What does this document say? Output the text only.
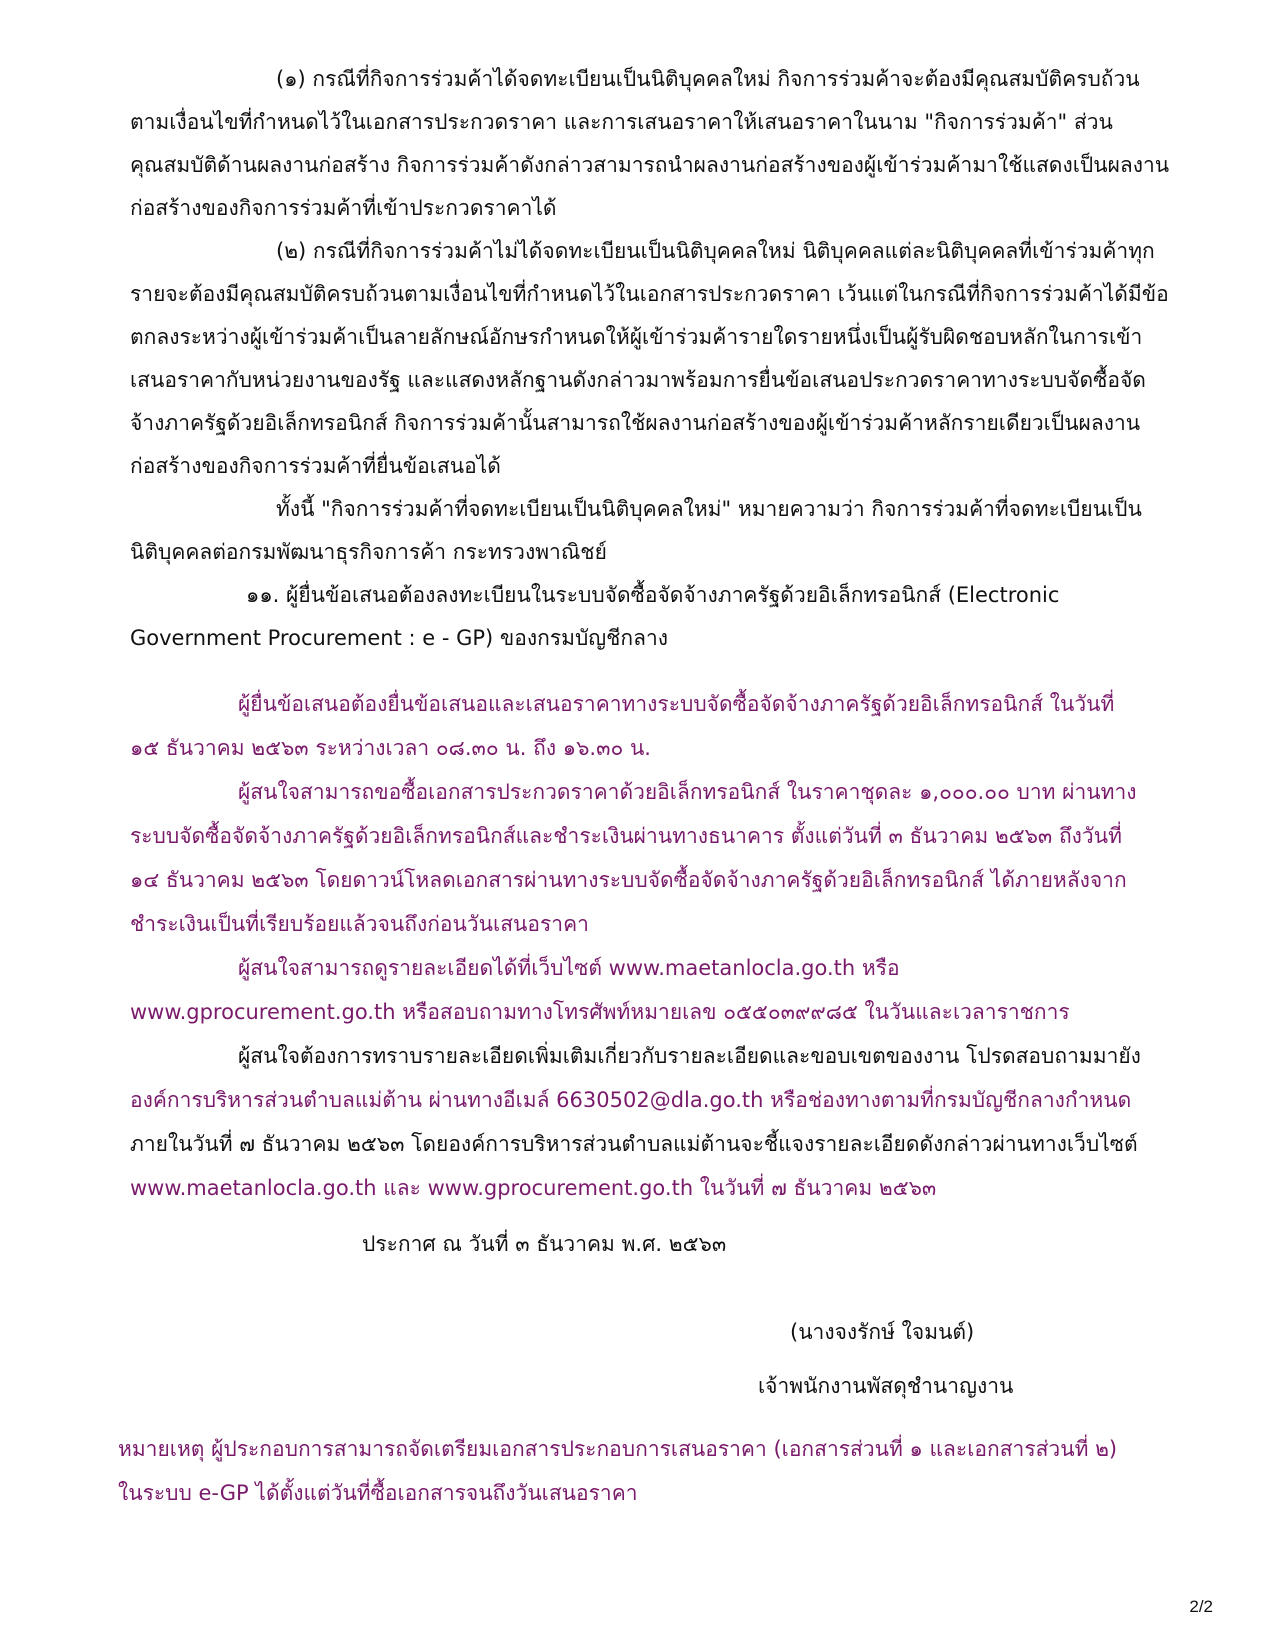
(๑) กรณีที่กิจการร่วมค้าได้จดทะเบียนเป็นนิติบุคคลใหม่ กิจการร่วมค้าจะต้องมีคุณสมบัติครบถ้วน
ตามเงื่อนไขที่กำหนดไว้ในเอกสารประกวดราคา และการเสนอราคาให้เสนอราคาในนาม "กิจการร่วมค้า" ส่วน
คุณสมบัติด้านผลงานก่อสร้าง กิจการร่วมค้าดังกล่าวสามารถนำผลงานก่อสร้างของผู้เข้าร่วมค้ามาใช้แสดงเป็นผลงาน
ก่อสร้างของกิจการร่วมค้าที่เข้าประกวดราคาได้
(๒) กรณีที่กิจการร่วมค้าไม่ได้จดทะเบียนเป็นนิติบุคคลใหม่ นิติบุคคลแต่ละนิติบุคคลที่เข้าร่วมค้าทุก
รายจะต้องมีคุณสมบัติครบถ้วนตามเงื่อนไขที่กำหนดไว้ในเอกสารประกวดราคา เว้นแต่ในกรณีที่กิจการร่วมค้าได้มีข้อ
ตกลงระหว่างผู้เข้าร่วมค้าเป็นลายลักษณ์อักษรกำหนดให้ผู้เข้าร่วมค้ารายใดรายหนึ่งเป็นผู้รับผิดชอบหลักในการเข้า
เสนอราคากับหน่วยงานของรัฐ และแสดงหลักฐานดังกล่าวมาพร้อมการยื่นข้อเสนอประกวดราคาทางระบบจัดซื้อจัด
จ้างภาครัฐด้วยอิเล็กทรอนิกส์ กิจการร่วมค้านั้นสามารถใช้ผลงานก่อสร้างของผู้เข้าร่วมค้าหลักรายเดียวเป็นผลงาน
ก่อสร้างของกิจการร่วมค้าที่ยื่นข้อเสนอได้
ทั้งนี้ "กิจการร่วมค้าที่จดทะเบียนเป็นนิติบุคคลใหม่" หมายความว่า กิจการร่วมค้าที่จดทะเบียนเป็น
นิติบุคคลต่อกรมพัฒนาธุรกิจการค้า กระทรวงพาณิชย์
๑๑. ผู้ยื่นข้อเสนอต้องลงทะเบียนในระบบจัดซื้อจัดจ้างภาครัฐด้วยอิเล็กทรอนิกส์ (Electronic
Government Procurement : e - GP) ของกรมบัญชีกลาง
ผู้ยื่นข้อเสนอต้องยื่นข้อเสนอและเสนอราคาทางระบบจัดซื้อจัดจ้างภาครัฐด้วยอิเล็กทรอนิกส์ ในวันที่
๑๕ ธันวาคม ๒๕๖๓ ระหว่างเวลา ๐๘.๓๐ น. ถึง ๑๖.๓๐ น.
ผู้สนใจสามารถขอซื้อเอกสารประกวดราคาด้วยอิเล็กทรอนิกส์ ในราคาชุดละ ๑,๐๐๐.๐๐ บาท ผ่านทาง
ระบบจัดซื้อจัดจ้างภาครัฐด้วยอิเล็กทรอนิกส์และชำระเงินผ่านทางธนาคาร ตั้งแต่วันที่ ๓ ธันวาคม ๒๕๖๓ ถึงวันที่
๑๔ ธันวาคม ๒๕๖๓ โดยดาวน์โหลดเอกสารผ่านทางระบบจัดซื้อจัดจ้างภาครัฐด้วยอิเล็กทรอนิกส์ ได้ภายหลังจาก
ชำระเงินเป็นที่เรียบร้อยแล้วจนถึงก่อนวันเสนอราคา
ผู้สนใจสามารถดูรายละเอียดได้ที่เว็บไซต์ www.maetanlocla.go.th หรือ
www.gprocurement.go.th หรือสอบถามทางโทรศัพท์หมายเลข ๐๕๕๐๓๙๙๘๕ ในวันและเวลาราชการ
ผู้สนใจต้องการทราบรายละเอียดเพิ่มเติมเกี่ยวกับรายละเอียดและขอบเขตของงาน โปรดสอบถามมายัง
องค์การบริหารส่วนตำบลแม่ต้าน ผ่านทางอีเมล์ 6630502@dla.go.th หรือช่องทางตามที่กรมบัญชีกลางกำหนด
ภายในวันที่ ๗ ธันวาคม ๒๕๖๓ โดยองค์การบริหารส่วนตำบลแม่ต้านจะชี้แจงรายละเอียดดังกล่าวผ่านทางเว็บไซต์
www.maetanlocla.go.th และ www.gprocurement.go.th ในวันที่ ๗ ธันวาคม ๒๕๖๓
ประกาศ ณ วันที่ ๓ ธันวาคม พ.ศ. ๒๕๖๓
(นางจงรักษ์ ใจมนต์)
เจ้าพนักงานพัสดุชำนาญงาน
หมายเหตุ ผู้ประกอบการสามารถจัดเตรียมเอกสารประกอบการเสนอราคา (เอกสารส่วนที่ ๑ และเอกสารส่วนที่ ๒)
ในระบบ e-GP ได้ตั้งแต่วันที่ซื้อเอกสารจนถึงวันเสนอราคา
2/2
